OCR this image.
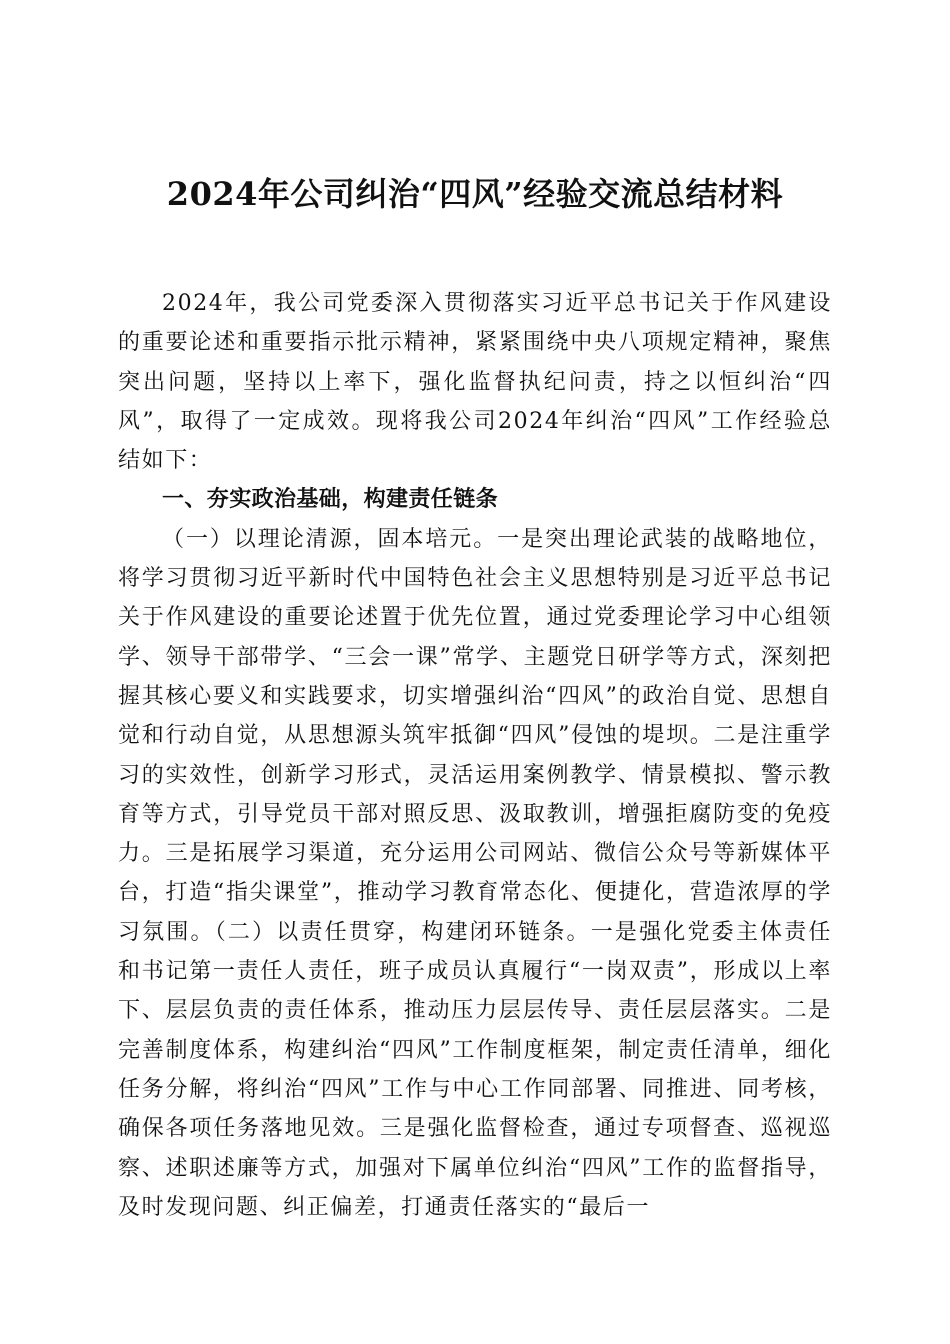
2024年公司纠治“四风”经验交流总结材料

2024年，我公司党委深入贯彻落实习近平总书记关于作风建设的重要论述和重要指示批示精神，紧紧围绕中央八项规定精神，聚焦突出问题，坚持以上率下，强化监督执纪问责，持之以恒纠治“四风”，取得了一定成效。现将我公司2024年纠治“四风”工作经验总结如下：

一、夯实政治基础，构建责任链条

（一）以理论清源，固本培元。一是突出理论武装的战略地位，将学习贯彻习近平新时代中国特色社会主义思想特别是习近平总书记关于作风建设的重要论述置于优先位置，通过党委理论学习中心组领学、领导干部带学、“三会一课”常学、主题党日研学等方式，深刻把握其核心要义和实践要求，切实增强纠治“四风”的政治自觉、思想自觉和行动自觉，从思想源头筑牢抵御“四风”侵蚀的堤坝。二是注重学习的实效性，创新学习形式，灵活运用案例教学、情景模拟、警示教育等方式，引导党员干部对照反思、汲取教训，增强拒腐防变的免疫力。三是拓展学习渠道，充分运用公司网站、微信公众号等新媒体平台，打造“指尖课堂”，推动学习教育常态化、便捷化，营造浓厚的学习氛围。（二）以责任贯穿，构建闭环链条。一是强化党委主体责任和书记第一责任人责任，班子成员认真履行“一岗双责”，形成以上率下、层层负责的责任体系，推动压力层层传导、责任层层落实。二是完善制度体系，构建纠治“四风”工作制度框架，制定责任清单，细化任务分解，将纠治“四风”工作与中心工作同部署、同推进、同考核，确保各项任务落地见效。三是强化监督检查，通过专项督查、巡视巡察、述职述廉等方式，加强对下属单位纠治“四风”工作的监督指导，及时发现问题、纠正偏差，打通责任落实的“最后一
